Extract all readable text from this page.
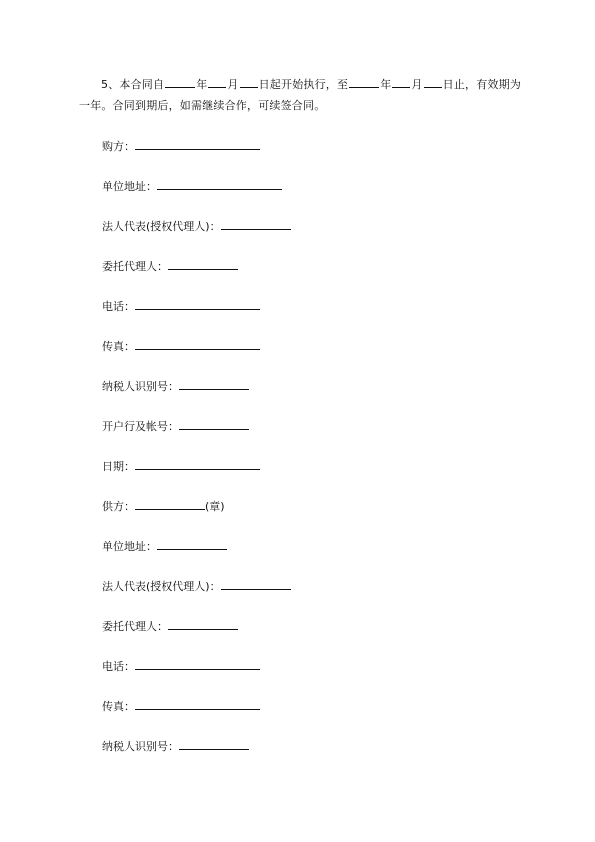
5、本合同自	年 月 日起开始执行，至	年 月 日止，有效期为一年。合同到期后，如需继续合作，可续签合同。

购方：
单位地址：
法人代表(授权代理人)：
委托代理人：
电话：
传真：
纳税人识别号：
开户行及帐号：
日期：
供方：	(章)
单位地址：
法人代表(授权代理人)：
委托代理人：
电话：
传真：
纳税人识别号：
